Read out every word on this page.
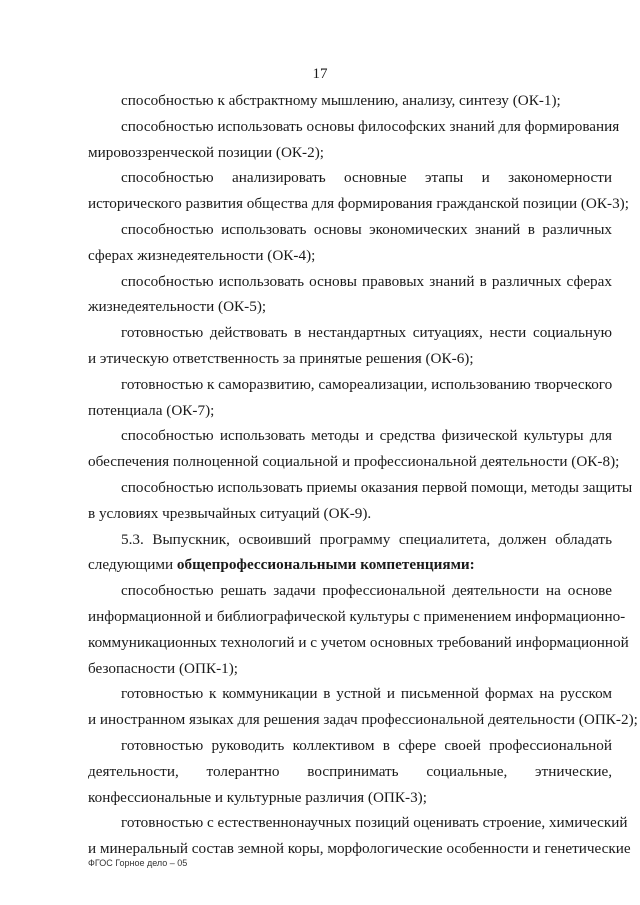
17
способностью к абстрактному мышлению, анализу, синтезу (ОК-1);
способностью использовать основы философских знаний для формирования
мировоззренческой позиции (ОК-2);
способностью анализировать основные этапы и закономерности
исторического развития общества для формирования гражданской позиции (ОК-3);
способностью использовать основы экономических знаний в различных
сферах жизнедеятельности (ОК-4);
способностью использовать основы правовых знаний в различных сферах
жизнедеятельности (ОК-5);
готовностью действовать в нестандартных ситуациях, нести социальную
и этическую ответственность за принятые решения (ОК-6);
готовностью к саморазвитию, самореализации, использованию творческого
потенциала (ОК-7);
способностью использовать методы и средства физической культуры для
обеспечения полноценной социальной и профессиональной деятельности (ОК-8);
способностью использовать приемы оказания первой помощи, методы защиты
в условиях чрезвычайных ситуаций (ОК-9).
5.3. Выпускник, освоивший программу специалитета, должен обладать
следующими общепрофессиональными компетенциями:
способностью решать задачи профессиональной деятельности на основе
информационной и библиографической культуры с применением информационно-
коммуникационных технологий и с учетом основных требований информационной
безопасности (ОПК-1);
готовностью к коммуникации в устной и письменной формах на русском
и иностранном языках для решения задач профессиональной деятельности (ОПК-2);
готовностью руководить коллективом в сфере своей профессиональной
деятельности, толерантно воспринимать социальные, этнические,
конфессиональные и культурные различия (ОПК-3);
готовностью с естественнонаучных позиций оценивать строение, химический
и минеральный состав земной коры, морфологические особенности и генетические
ФГОС Горное дело – 05
